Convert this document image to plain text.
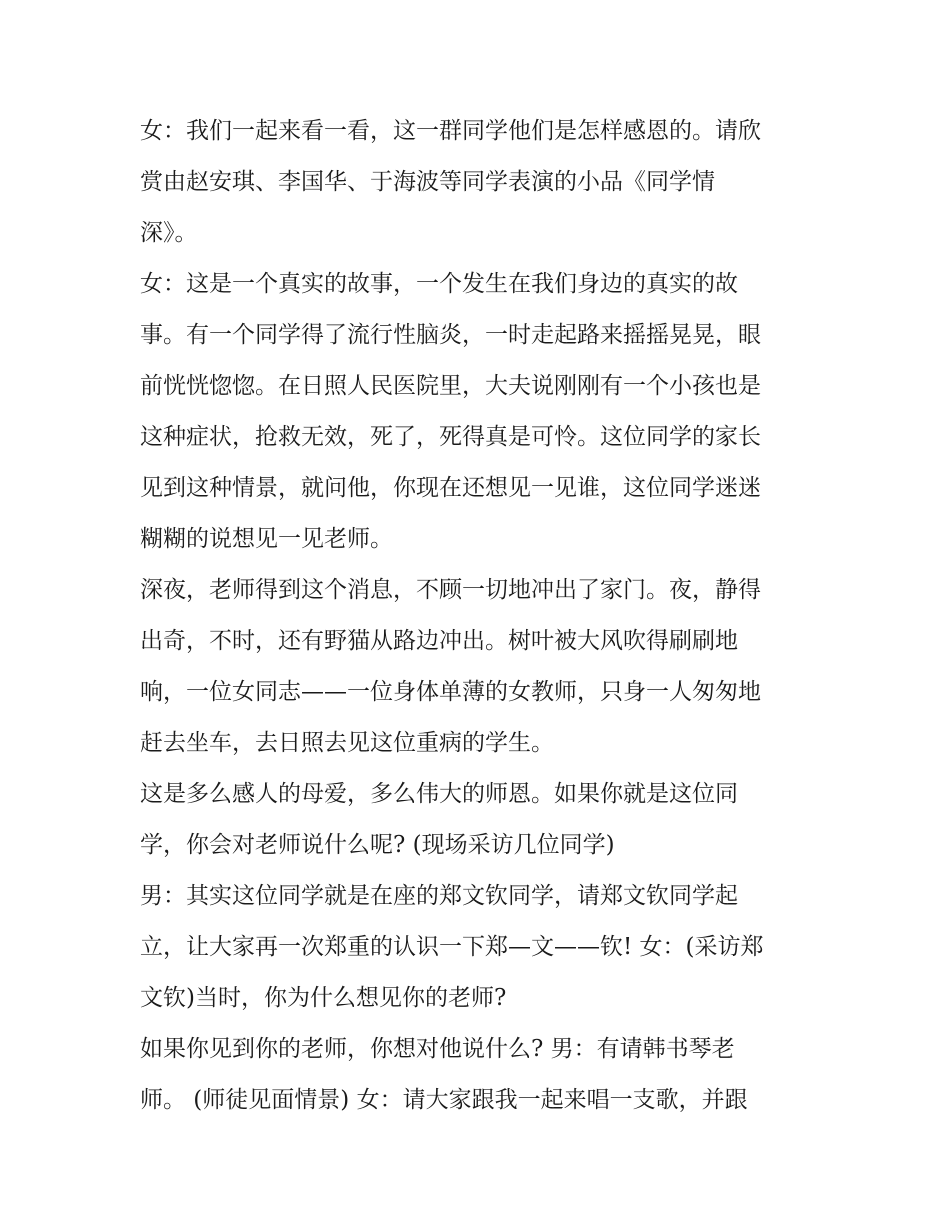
女：我们一起来看一看，这一群同学他们是怎样感恩的。请欣
赏由赵安琪、李国华、于海波等同学表演的小品《同学情
深》。
女：这是一个真实的故事，一个发生在我们身边的真实的故
事。有一个同学得了流行性脑炎，一时走起路来摇摇晃晃，眼
前恍恍惚惚。在日照人民医院里，大夫说刚刚有一个小孩也是
这种症状，抢救无效，死了，死得真是可怜。这位同学的家长
见到这种情景，就问他，你现在还想见一见谁，这位同学迷迷
糊糊的说想见一见老师。
深夜，老师得到这个消息，不顾一切地冲出了家门。夜，静得
出奇，不时，还有野猫从路边冲出。树叶被大风吹得刷刷地
响，一位女同志——一位身体单薄的女教师，只身一人匆匆地
赶去坐车，去日照去见这位重病的学生。
这是多么感人的母爱，多么伟大的师恩。如果你就是这位同
学，你会对老师说什么呢? (现场采访几位同学)
男：其实这位同学就是在座的郑文钦同学，请郑文钦同学起
立，让大家再一次郑重的认识一下郑—文——钦! 女：(采访郑
文钦)当时，你为什么想见你的老师?
如果你见到你的老师，你想对他说什么? 男：有请韩书琴老
师。 (师徒见面情景) 女：请大家跟我一起来唱一支歌，并跟
